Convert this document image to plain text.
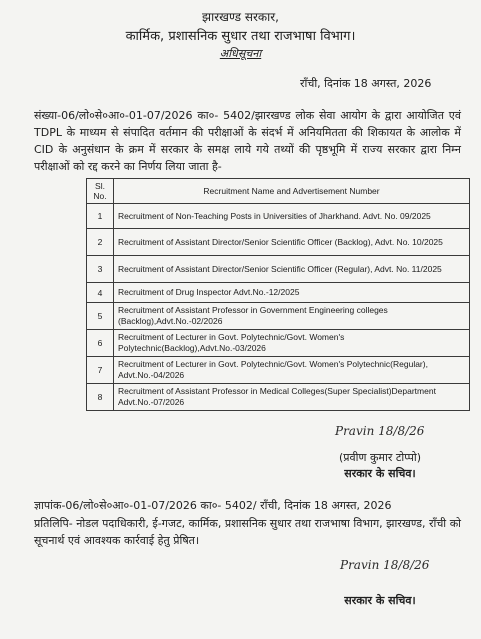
झारखण्ड सरकार,
कार्मिक, प्रशासनिक सुधार तथा राजभाषा विभाग।
अधिसूचना
राँची, दिनांक 18 अगस्त, 2026
संख्या-06/लो०से०आ०-01-07/2026 का०- 5402/झारखण्ड लोक सेवा आयोग के द्वारा आयोजित एवं TDPL के माध्यम से संपादित वर्तमान की परीक्षाओं के संदर्भ में अनियमितता की शिकायत के आलोक में CID के अनुसंधान के क्रम में सरकार के समक्ष लाये गये तथ्यों की पृष्ठभूमि में राज्य सरकार द्वारा निम्न परीक्षाओं को रद्द करने का निर्णय लिया जाता है-
Sl. No.	Recruitment Name and Advertisement Number
1	Recruitment of Non-Teaching Posts in Universities of Jharkhand. Advt. No. 09/2025
2	Recruitment of Assistant Director/Senior Scientific Officer (Backlog), Advt. No. 10/2025
3	Recruitment of Assistant Director/Senior Scientific Officer (Regular), Advt. No. 11/2025
4	Recruitment of Drug Inspector Advt.No.-12/2025
5	Recruitment of Assistant Professor in Government Engineering colleges (Backlog),Advt.No.-02/2026
6	Recruitment of Lecturer in Govt. Polytechnic/Govt. Women's Polytechnic(Backlog),Advt.No.-03/2026
7	Recruitment of Lecturer in Govt. Polytechnic/Govt. Women's Polytechnic(Regular), Advt.No.-04/2026
8	Recruitment of Assistant Professor in Medical Colleges(Super Specialist)Department Advt.No.-07/2026
Pravin 18/8/26
(प्रवीण कुमार टोप्पो)
सरकार के सचिव।
ज्ञापांक-06/लो०से०आ०-01-07/2026 का०- 5402/ राँची, दिनांक 18 अगस्त, 2026
प्रतिलिपि- नोडल पदाधिकारी, ई-गजट, कार्मिक, प्रशासनिक सुधार तथा राजभाषा विभाग, झारखण्ड, राँची को सूचनार्थ एवं आवश्यक कार्रवाई हेतु प्रेषित।
Pravin 18/8/26
सरकार के सचिव।
